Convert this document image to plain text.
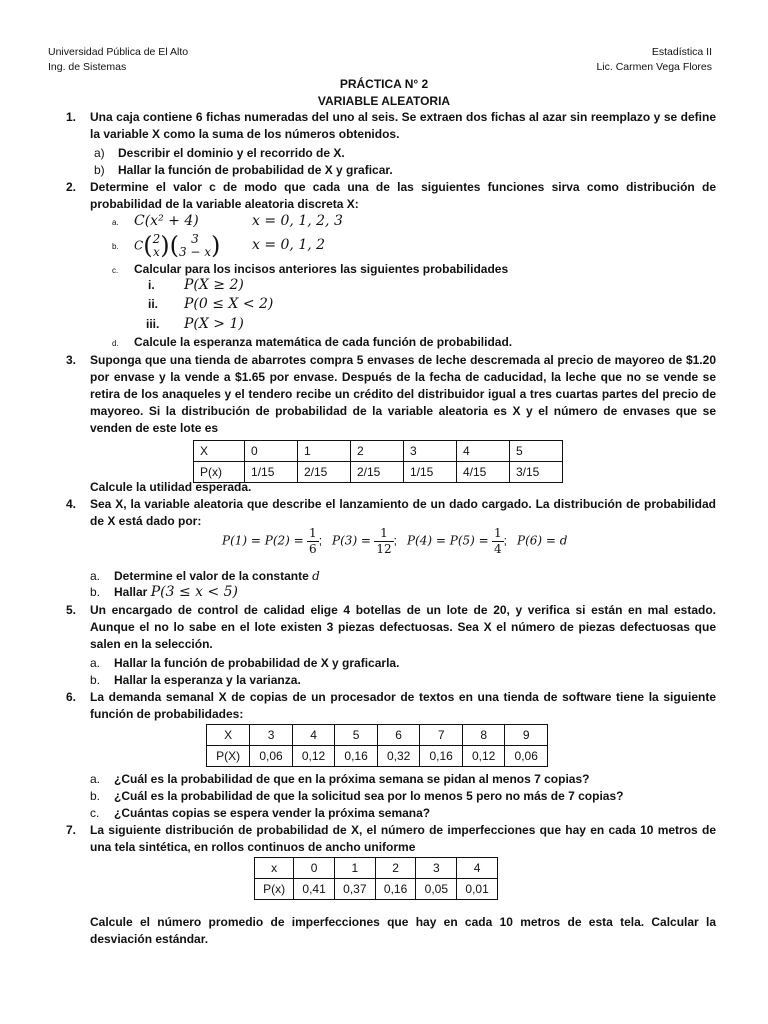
Universidad Pública de El Alto
Ing. de Sistemas
Estadística II
Lic. Carmen Vega Flores
PRÁCTICA N° 2
VARIABLE ALEATORIA
1.	Una caja contiene 6 fichas numeradas del uno al seis. Se extraen dos fichas al azar sin reemplazo y se define la variable X como la suma de los números obtenidos.
a) Describir el dominio y el recorrido de X.
b) Hallar la función de probabilidad de X y graficar.
2.	Determine el valor c de modo que cada una de las siguientes funciones sirva como distribución de probabilidad de la variable aleatoria discreta X:
a. C(x² + 4)	x = 0, 1, 2, 3
b. C( 2
x )(	3
3 − x ) x = 0, 1, 2
c. Calcular para los incisos anteriores las siguientes probabilidades
i. P(X ≥ 2)
ii. P(0 ≤ X < 2)
iii. P(X > 1)
d. Calcule la esperanza matemática de cada función de probabilidad.
3.	Suponga que una tienda de abarrotes compra 5 envases de leche descremada al precio de mayoreo de $1.20 por envase y la vende a $1.65 por envase. Después de la fecha de caducidad, la leche que no se vende se retira de los anaqueles y el tendero recibe un crédito del distribuidor igual a tres cuartas partes del precio de mayoreo. Si la distribución de probabilidad de la variable aleatoria es X y el número de envases que se venden de este lote es
X	0	1	2	3	4	5
P(x)	1/15	2/15	2/15	1/15	4/15	3/15
Calcule la utilidad esperada.
4.	Sea X, la variable aleatoria que describe el lanzamiento de un dado cargado. La distribución de probabilidad de X está dado por:
$P(1) = P(2) = \frac{1}{6}$ ; $P(3) = \frac{1}{12}$ ; $P(4) = P(5) = \frac{1}{4}$ ; P(6) = d
a. Determine el valor de la constante d
b. Hallar P(3 ≤ x < 5)
5.	Un encargado de control de calidad elige 4 botellas de un lote de 20, y verifica si están en mal estado. Aunque el no lo sabe en el lote existen 3 piezas defectuosas. Sea X el número de piezas defectuosas que salen en la selección.
a. Hallar la función de probabilidad de X y graficarla.
b. Hallar la esperanza y la varianza.
6.	La demanda semanal X de copias de un procesador de textos en una tienda de software tiene la siguiente función de probabilidades:
X	3	4	5	6	7	8	9
P(X)	0,06	0,12	0,16	0,32	0,16	0,12	0,06
a. ¿Cuál es la probabilidad de que en la próxima semana se pidan al menos 7 copias?
b. ¿Cuál es la probabilidad de que la solicitud sea por lo menos 5 pero no más de 7 copias?
c. ¿Cuántas copias se espera vender la próxima semana?
7.	La siguiente distribución de probabilidad de X, el número de imperfecciones que hay en cada 10 metros de una tela sintética, en rollos continuos de ancho uniforme
x	0	1	2	3	4
P(x)	0,41	0,37	0,16	0,05	0,01
Calcule el número promedio de imperfecciones que hay en cada 10 metros de esta tela. Calcular la desviación estándar.
